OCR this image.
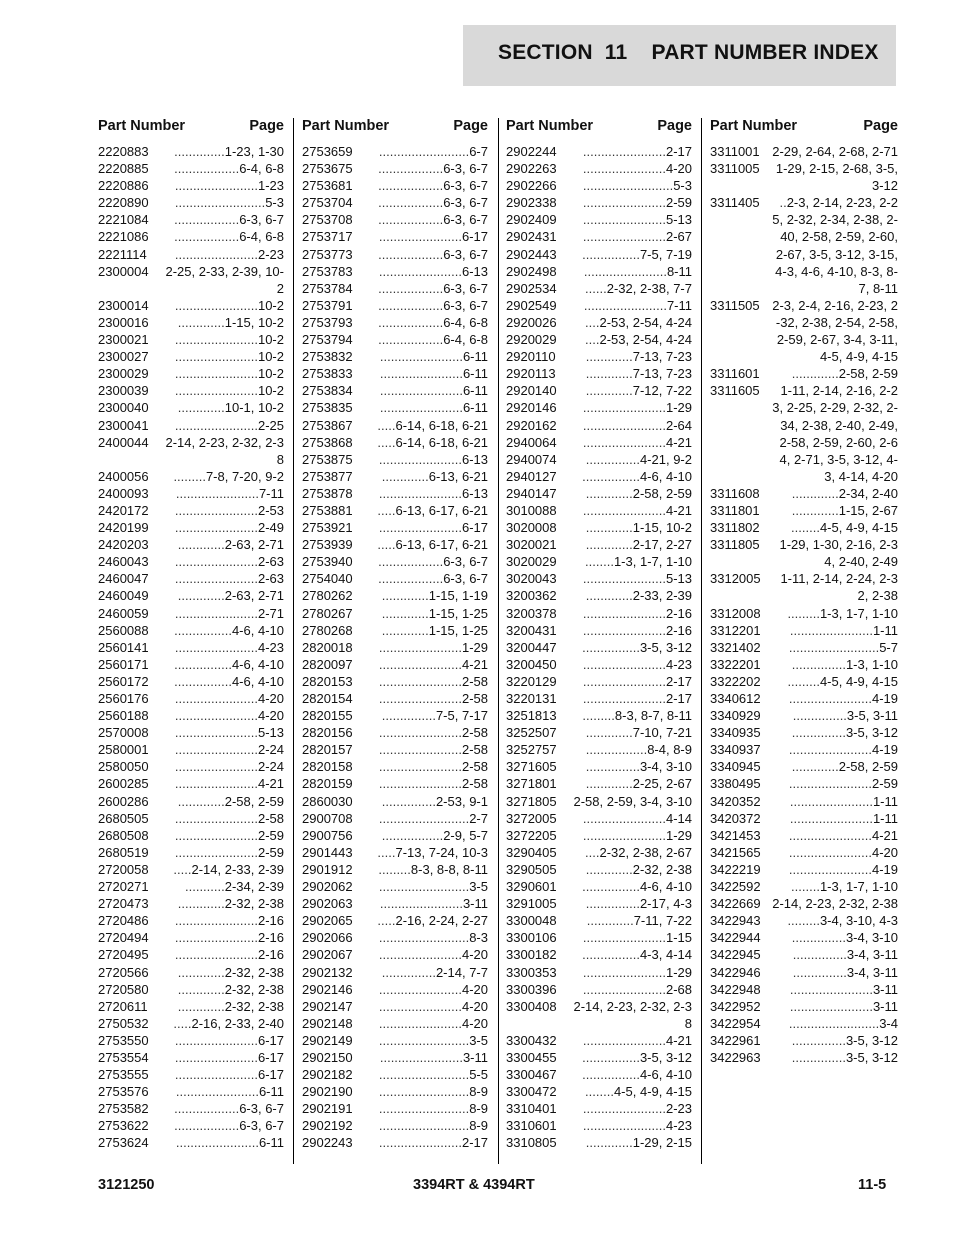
SECTION  11    PART NUMBER INDEX
Part Number	Page
2220883	..............1-23, 1-30
2220885	..................6-4, 6-8
2220886	.......................1-23
2220890	.........................5-3
2221084	..................6-3, 6-7
2221086	..................6-4, 6-8
2221114	.......................2-23
2300004	2-25, 2-33, 2-39, 10-2
2300014	.......................10-2
2300016	.............1-15, 10-2
2300021	.......................10-2
2300027	.......................10-2
2300029	.......................10-2
2300039	.......................10-2
2300040	.............10-1, 10-2
2300041	.......................2-25
2400044	2-14, 2-23, 2-32, 2-38
2400056	.........7-8, 7-20, 9-2
2400093	.......................7-11
2420172	.......................2-53
2420199	.......................2-49
2420203	.............2-63, 2-71
2460043	.......................2-63
2460047	.......................2-63
2460049	.............2-63, 2-71
2460059	.......................2-71
2560088	................4-6, 4-10
2560141	.......................4-23
2560171	................4-6, 4-10
2560172	................4-6, 4-10
2560176	.......................4-20
2560188	.......................4-20
2570008	.......................5-13
2580001	.......................2-24
2580050	.......................2-24
2600285	.......................4-21
2600286	.............2-58, 2-59
2680505	.......................2-58
2680508	.......................2-59
2680519	.......................2-59
2720058	.....2-14, 2-33, 2-39
2720271	...........2-34, 2-39
2720473	.............2-32, 2-38
2720486	.......................2-16
2720494	.......................2-16
2720495	.......................2-16
2720566	.............2-32, 2-38
2720580	.............2-32, 2-38
2720611	.............2-32, 2-38
2750532	.....2-16, 2-33, 2-40
2753550	.......................6-17
2753554	.......................6-17
2753555	.......................6-17
2753576	.......................6-11
2753582	..................6-3, 6-7
2753622	..................6-3, 6-7
2753624	.......................6-11
Part Number	Page
2753659	.........................6-7
2753675	..................6-3, 6-7
2753681	..................6-3, 6-7
2753704	..................6-3, 6-7
2753708	..................6-3, 6-7
2753717	.......................6-17
2753773	..................6-3, 6-7
2753783	.......................6-13
2753784	..................6-3, 6-7
2753791	..................6-3, 6-7
2753793	..................6-4, 6-8
2753794	..................6-4, 6-8
2753832	.......................6-11
2753833	.......................6-11
2753834	.......................6-11
2753835	.......................6-11
2753867	.....6-14, 6-18, 6-21
2753868	.....6-14, 6-18, 6-21
2753875	.......................6-13
2753877	.............6-13, 6-21
2753878	.......................6-13
2753881	.....6-13, 6-17, 6-21
2753921	.......................6-17
2753939	.....6-13, 6-17, 6-21
2753940	..................6-3, 6-7
2754040	..................6-3, 6-7
2780262	.............1-15, 1-19
2780267	.............1-15, 1-25
2780268	.............1-15, 1-25
2820018	.......................1-29
2820097	.......................4-21
2820153	.......................2-58
2820154	.......................2-58
2820155	...............7-5, 7-17
2820156	.......................2-58
2820157	.......................2-58
2820158	.......................2-58
2820159	.......................2-58
2860030	...............2-53, 9-1
2900708	.........................2-7
2900756	.................2-9, 5-7
2901443	.....7-13, 7-24, 10-3
2901912	.........8-3, 8-8, 8-11
2902062	.........................3-5
2902063	.......................3-11
2902065	.....2-16, 2-24, 2-27
2902066	.........................8-3
2902067	.......................4-20
2902132	...............2-14, 7-7
2902146	.......................4-20
2902147	.......................4-20
2902148	.......................4-20
2902149	.........................3-5
2902150	.......................3-11
2902182	.........................5-5
2902190	.........................8-9
2902191	.........................8-9
2902192	.........................8-9
2902243	.......................2-17
Part Number	Page
2902244	.......................2-17
2902263	.......................4-20
2902266	.........................5-3
2902338	.......................2-59
2902409	.......................5-13
2902431	.......................2-67
2902443	................7-5, 7-19
2902498	.......................8-11
2902534	......2-32, 2-38, 7-7
2902549	.......................7-11
2920026	....2-53, 2-54, 4-24
2920029	....2-53, 2-54, 4-24
2920110	.............7-13, 7-23
2920113	.............7-13, 7-23
2920140	.............7-12, 7-22
2920146	.......................1-29
2920162	.......................2-64
2940064	.......................4-21
2940074	...............4-21, 9-2
2940127	................4-6, 4-10
2940147	.............2-58, 2-59
3010088	.......................4-21
3020008	.............1-15, 10-2
3020021	.............2-17, 2-27
3020029	........1-3, 1-7, 1-10
3020043	.......................5-13
3200362	.............2-33, 2-39
3200378	.......................2-16
3200431	.......................2-16
3200447	................3-5, 3-12
3200450	.......................4-23
3220129	.......................2-17
3220131	.......................2-17
3251813	.........8-3, 8-7, 8-11
3252507	.............7-10, 7-21
3252757	.................8-4, 8-9
3271605	...............3-4, 3-10
3271801	.............2-25, 2-67
3271805	2-58, 2-59, 3-4, 3-10
3272005	.......................4-14
3272205	.......................1-29
3290405	....2-32, 2-38, 2-67
3290505	.............2-32, 2-38
3290601	................4-6, 4-10
3291005	...............2-17, 4-3
3300048	.............7-11, 7-22
3300106	.......................1-15
3300182	................4-3, 4-14
3300353	.......................1-29
3300396	.......................2-68
3300408	2-14, 2-23, 2-32, 2-38
3300432	.......................4-21
3300455	................3-5, 3-12
3300467	................4-6, 4-10
3300472	........4-5, 4-9, 4-15
3310401	.......................2-23
3310601	.......................4-23
3310805	.............1-29, 2-15
Part Number	Page
3311001 2-29, 2-64, 2-68, 2-71
3311005	1-29, 2-15, 2-68, 3-5, 3-12
3311405	..2-3, 2-14, 2-23, 2-25, 2-32, 2-34, 2-38, 2-40, 2-58, 2-59, 2-60, 2-67, 3-5, 3-12, 3-15, 4-3, 4-6, 4-10, 8-3, 8-7, 8-11
3311505 2-3, 2-4, 2-16, 2-23, 2-32, 2-38, 2-54, 2-58, 2-59, 2-67, 3-4, 3-11, 4-5, 4-9, 4-15
3311601	.............2-58, 2-59
3311605	1-11, 2-14, 2-16, 2-23, 2-25, 2-29, 2-32, 2-34, 2-38, 2-40, 2-49, 2-58, 2-59, 2-60, 2-64, 2-71, 3-5, 3-12, 4-3, 4-14, 4-20
3311608	.............2-34, 2-40
3311801	.............1-15, 2-67
3311802	........4-5, 4-9, 4-15
3311805	1-29, 1-30, 2-16, 2-34, 2-40, 2-49
3312005	1-11, 2-14, 2-24, 2-32, 2-38
3312008	.........1-3, 1-7, 1-10
3312201	.......................1-11
3321402	.........................5-7
3322201	...............1-3, 1-10
3322202	.........4-5, 4-9, 4-15
3340612	.......................4-19
3340929	...............3-5, 3-11
3340935	...............3-5, 3-12
3340937	.......................4-19
3340945	.............2-58, 2-59
3380495	.......................2-59
3420352	.......................1-11
3420372	.......................1-11
3421453	.......................4-21
3421565	.......................4-20
3422219	.......................4-19
3422592	........1-3, 1-7, 1-10
3422669 2-14, 2-23, 2-32, 2-38
3422943	.........3-4, 3-10, 4-3
3422944	...............3-4, 3-10
3422945	...............3-4, 3-11
3422946	...............3-4, 3-11
3422948	.......................3-11
3422952	.......................3-11
3422954	.........................3-4
3422961	...............3-5, 3-12
3422963	...............3-5, 3-12
3121250	3394RT & 4394RT	11-5
